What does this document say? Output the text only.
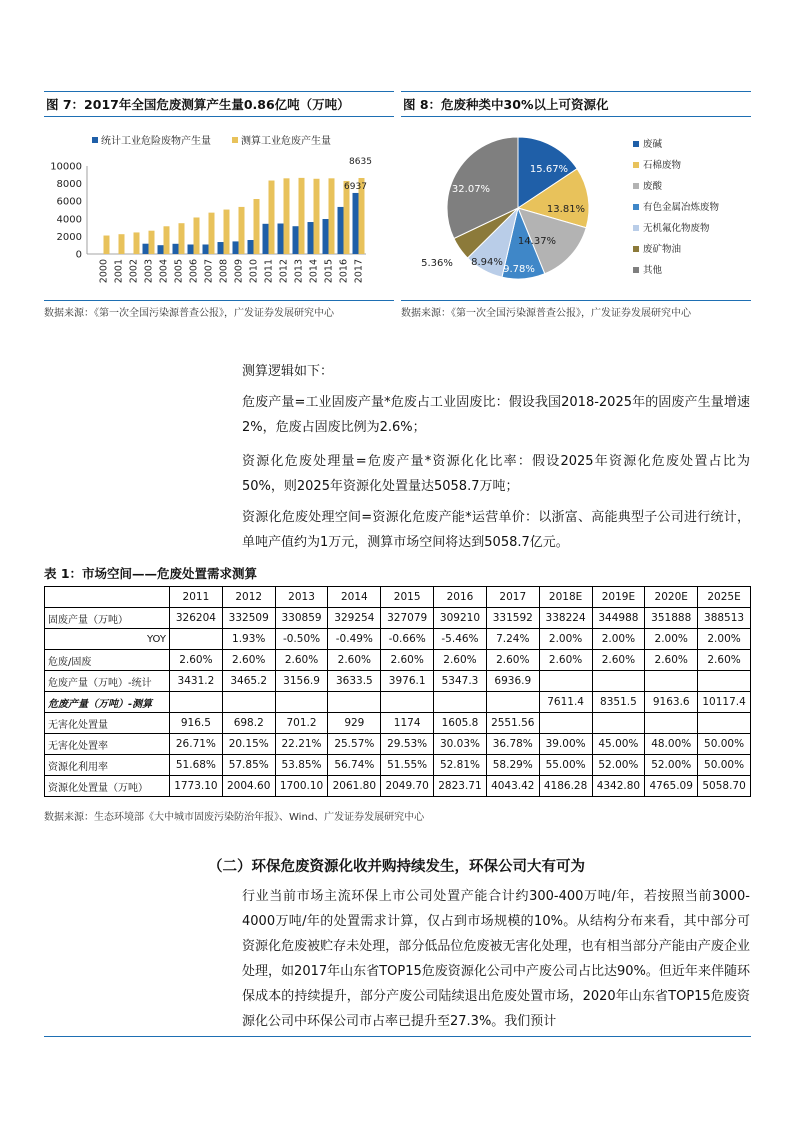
图 7：2017年全国危废测算产生量0.86亿吨（万吨）	图 8：危废种类中30%以上可资源化
统计工业危险废物产生量	测算工业危废产生量
0
2000
4000
6000
8000
10000
2000 2001 2002 2003 2004 2005 2006 2007 2008 2009 2010 2011 2012 2013 2014 2015 2016 2017
8635
6937
15.67%
13.81%
14.37%
9.78%
8.94%
5.36%
32.07%
废碱
石棉废物
废酸
有色金属冶炼废物
无机氟化物废物
废矿物油
其他
数据来源：《第一次全国污染源普查公报》，广发证券发展研究中心	数据来源：《第一次全国污染源普查公报》，广发证券发展研究中心
测算逻辑如下：
危废产量=工业固废产量*危废占工业固废比：假设我国2018-2025年的固废产生量增速2%，危废占固废比例为2.6%；
资源化危废处理量=危废产量*资源化化比率：假设2025年资源化危废处置占比为50%，则2025年资源化处置量达5058.7万吨；
资源化危废处理空间=资源化危废产能*运营单价：以浙富、高能典型子公司进行统计，单吨产值约为1万元，测算市场空间将达到5058.7亿元。
表 1：市场空间——危废处置需求测算
	2011	2012	2013	2014	2015	2016	2017	2018E	2019E	2020E	2025E
固废产量（万吨）	326204	332509	330859	329254	327079	309210	331592	338224	344988	351888	388513
YOY		1.93%	-0.50%	-0.49%	-0.66%	-5.46%	7.24%	2.00%	2.00%	2.00%	2.00%
危废/固废	2.60%	2.60%	2.60%	2.60%	2.60%	2.60%	2.60%	2.60%	2.60%	2.60%	2.60%
危废产量（万吨）-统计	3431.2	3465.2	3156.9	3633.5	3976.1	5347.3	6936.9				
危废产量（万吨）-测算								7611.4	8351.5	9163.6	10117.4
无害化处置量	916.5	698.2	701.2	929	1174	1605.8	2551.56				
无害化处置率	26.71%	20.15%	22.21%	25.57%	29.53%	30.03%	36.78%	39.00%	45.00%	48.00%	50.00%
资源化利用率	51.68%	57.85%	53.85%	56.74%	51.55%	52.81%	58.29%	55.00%	52.00%	52.00%	50.00%
资源化处置量（万吨）	1773.10	2004.60	1700.10	2061.80	2049.70	2823.71	4043.42	4186.28	4342.80	4765.09	5058.70
数据来源：生态环境部《大中城市固废污染防治年报》、Wind、广发证券发展研究中心
（二）环保危废资源化收并购持续发生，环保公司大有可为
行业当前市场主流环保上市公司处置产能合计约300-400万吨/年，若按照当前3000-4000万吨/年的处置需求计算，仅占到市场规模的10%。从结构分布来看，其中部分可资源化危废被贮存未处理，部分低品位危废被无害化处理，也有相当部分产能由产废企业处理，如2017年山东省TOP15危废资源化公司中产废公司占比达90%。但近年来伴随环保成本的持续提升，部分产废公司陆续退出危废处置市场，2020年山东省TOP15危废资源化公司中环保公司市占率已提升至27.3%。我们预计
